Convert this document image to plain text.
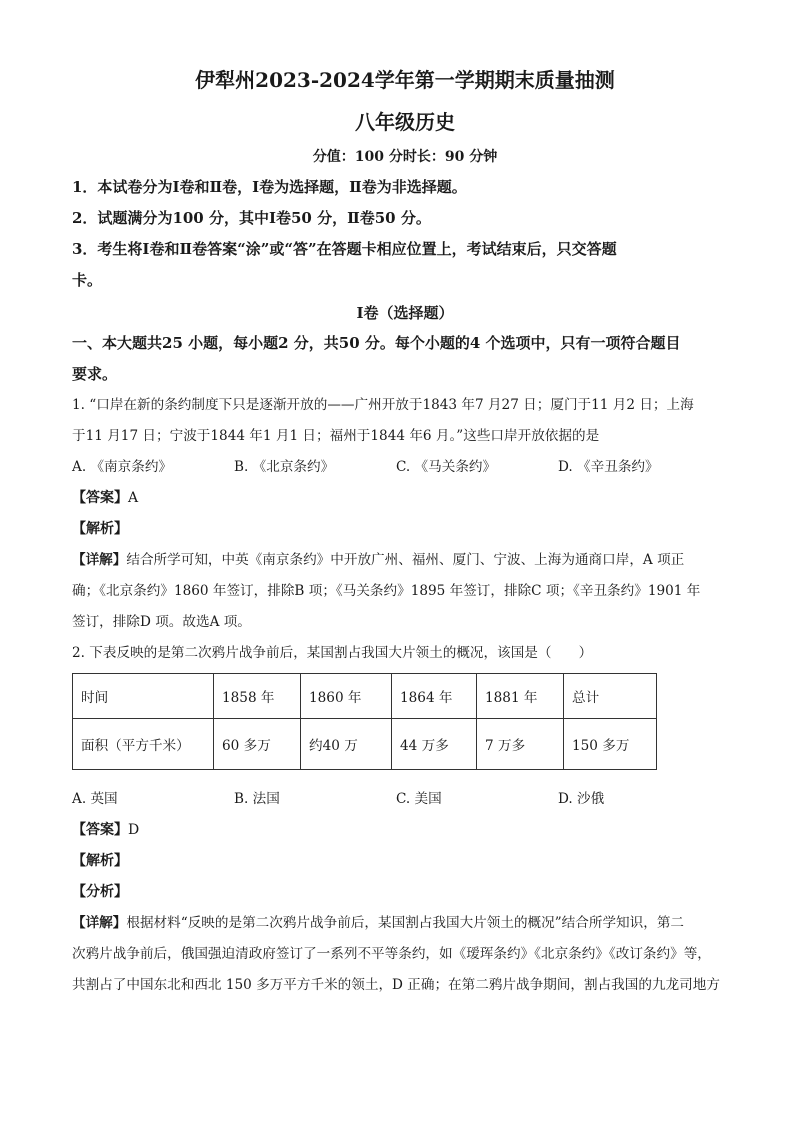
伊犁州2023-2024学年第一学期期末质量抽测
八年级历史

分值：100 分时长：90 分钟

1．本试卷分为Ⅰ卷和Ⅱ卷，Ⅰ卷为选择题，Ⅱ卷为非选择题。

2．试题满分为100 分，其中Ⅰ卷50 分，Ⅱ卷50 分。

3．考生将Ⅰ卷和Ⅱ卷答案“涂”或“答”在答题卡相应位置上，考试结束后，只交答题

卡。

Ⅰ卷（选择题）

一、本大题共25 小题，每小题2 分，共50 分。每个小题的4 个选项中，只有一项符合题目

要求。

1. “口岸在新的条约制度下只是逐渐开放的——广州开放于1843 年7 月27 日；厦门于11 月2 日；上海

于11 月17 日；宁波于1844 年1 月1 日；福州于1844 年6 月。”这些口岸开放依据的是

A. 《南京条约》	B. 《北京条约》	C. 《马关条约》	D. 《辛丑条约》

【答案】A

【解析】

【详解】结合所学可知，中英《南京条约》中开放广州、福州、厦门、宁波、上海为通商口岸，A 项正

确；《北京条约》1860 年签订，排除B 项；《马关条约》1895 年签订，排除C 项；《辛丑条约》1901 年

签订，排除D 项。故选A 项。

2. 下表反映的是第二次鸦片战争前后，某国割占我国大片领土的概况，该国是（　　）

时间	1858 年	1860 年	1864 年	1881 年	总计
面积（平方千米）	60 多万	约40 万	44 万多	7 万多	150 多万
A. 英国	B. 法国	C. 美国	D. 沙俄

【答案】D

【解析】

【分析】

【详解】根据材料“反映的是第二次鸦片战争前后，某国割占我国大片领土的概况”结合所学知识，第二

次鸦片战争前后，俄国强迫清政府签订了一系列不平等条约，如《瑷珲条约》《北京条约》《改订条约》等，

共割占了中国东北和西北 150 多万平方千米的领土，D 正确；在第二鸦片战争期间，割占我国的九龙司地方
